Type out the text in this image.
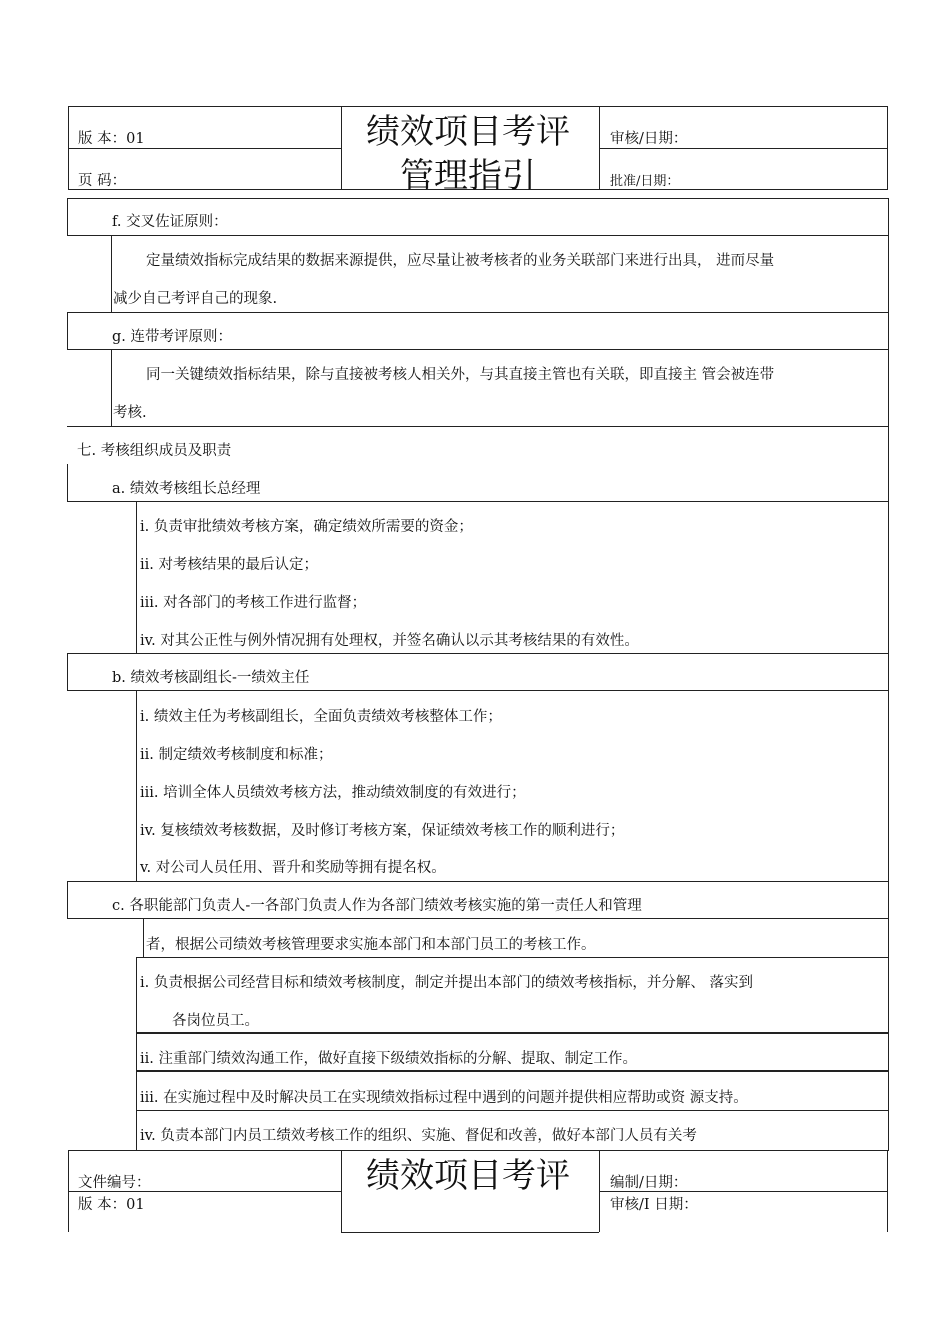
版 本：01
页 码：
绩效项目考评
管理指引
审核/日期：
批准/日期：
f. 交叉佐证原则：
定量绩效指标完成结果的数据来源提供，应尽量让被考核者的业务关联部门来进行出具， 进而尽量
减少自己考评自己的现象.
g. 连带考评原则：
同一关键绩效指标结果，除与直接被考核人相关外，与其直接主管也有关联，即直接主 管会被连带
考核.
七. 考核组织成员及职责
a. 绩效考核组长总经理
i. 负责审批绩效考核方案，确定绩效所需要的资金；
ii. 对考核结果的最后认定；
iii. 对各部门的考核工作进行监督；
iv. 对其公正性与例外情况拥有处理权，并签名确认以示其考核结果的有效性。
b. 绩效考核副组长-一绩效主任
i. 绩效主任为考核副组长，全面负责绩效考核整体工作；
ii. 制定绩效考核制度和标准；
iii. 培训全体人员绩效考核方法，推动绩效制度的有效进行；
iv. 复核绩效考核数据，及时修订考核方案，保证绩效考核工作的顺利进行；
v. 对公司人员任用、晋升和奖励等拥有提名权。
c. 各职能部门负责人-一各部门负责人作为各部门绩效考核实施的第一责任人和管理
者，根据公司绩效考核管理要求实施本部门和本部门员工的考核工作。
i. 负责根据公司经营目标和绩效考核制度，制定并提出本部门的绩效考核指标，并分解、 落实到
各岗位员工。
ii. 注重部门绩效沟通工作，做好直接下级绩效指标的分解、提取、制定工作。
iii. 在实施过程中及时解决员工在实现绩效指标过程中遇到的问题并提供相应帮助或资 源支持。
iv. 负责本部门内员工绩效考核工作的组织、实施、督促和改善，做好本部门人员有关考
文件编号：
版 本：01
绩效项目考评	编制/日期：
审核/I 日期：
